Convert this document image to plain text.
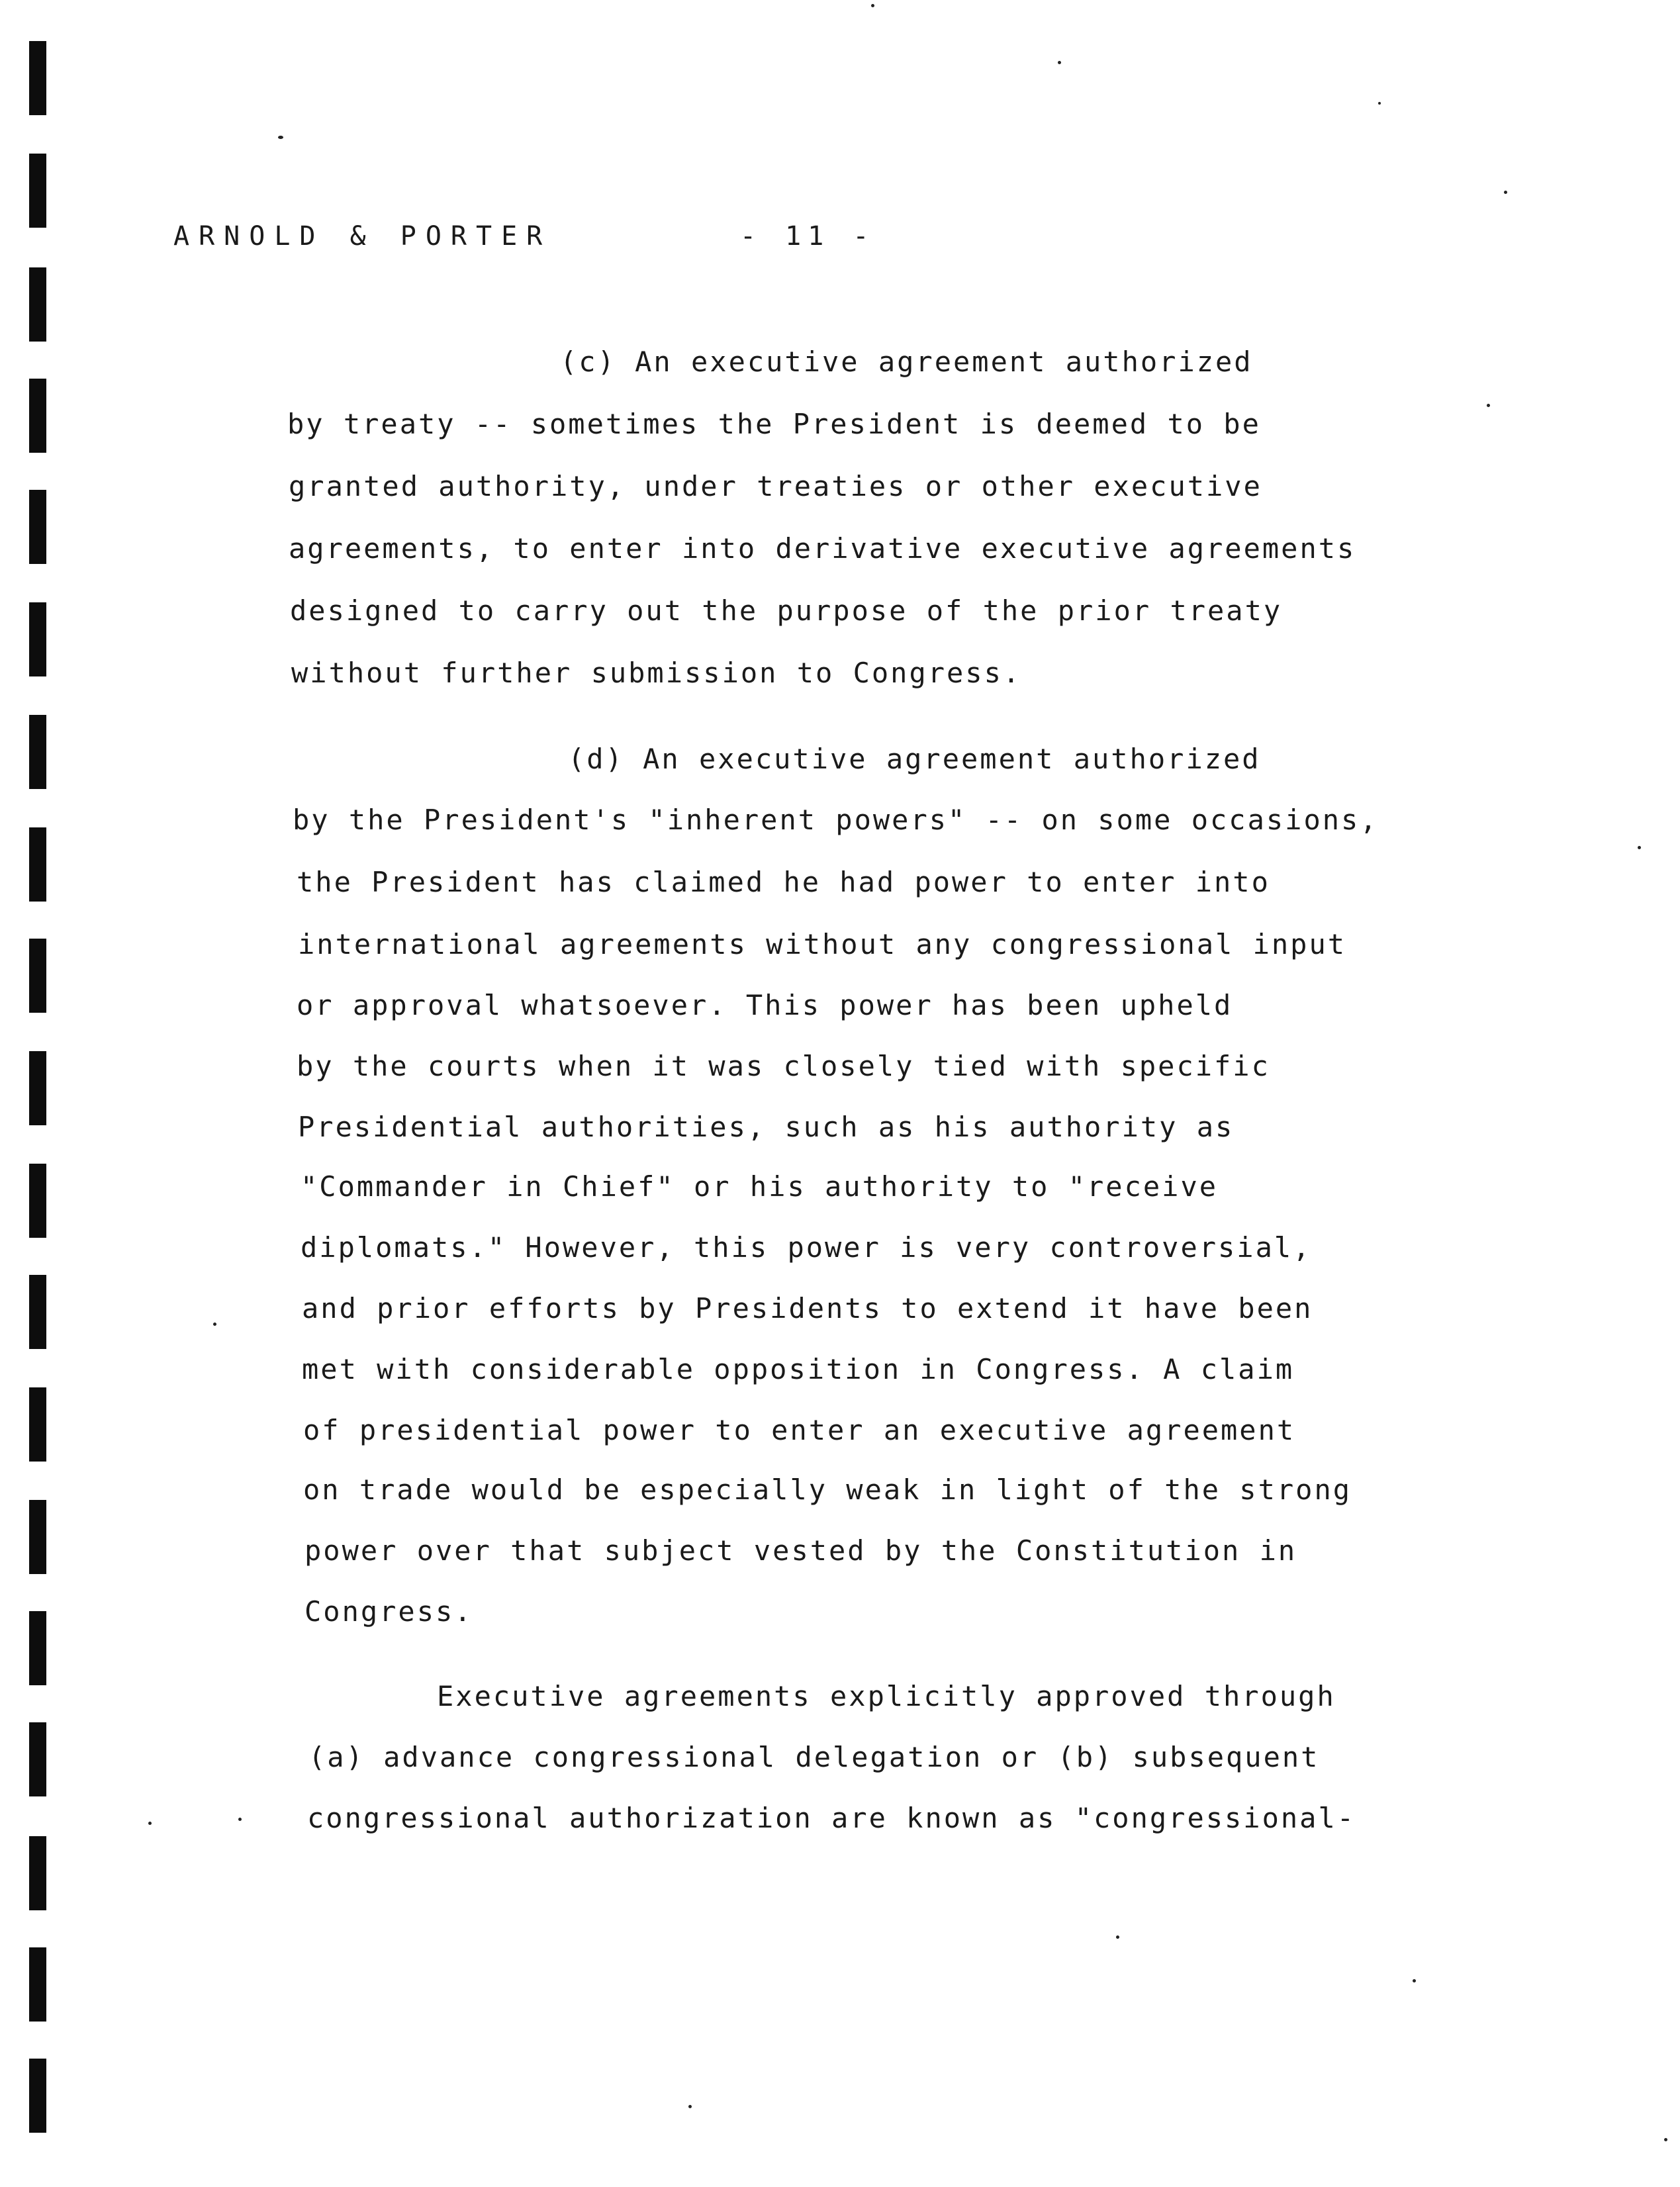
ARNOLD & PORTER	- 11 -
(c) An executive agreement authorized
by treaty -- sometimes the President is deemed to be
granted authority, under treaties or other executive
agreements, to enter into derivative executive agreements
designed to carry out the purpose of the prior treaty
without further submission to Congress.
(d) An executive agreement authorized
by the President's "inherent powers" -- on some occasions,
the President has claimed he had power to enter into
international agreements without any congressional input
or approval whatsoever. This power has been upheld
by the courts when it was closely tied with specific
Presidential authorities, such as his authority as
"Commander in Chief" or his authority to "receive
diplomats." However, this power is very controversial,
and prior efforts by Presidents to extend it have been
met with considerable opposition in Congress. A claim
of presidential power to enter an executive agreement
on trade would be especially weak in light of the strong
power over that subject vested by the Constitution in
Congress.
Executive agreements explicitly approved through
(a) advance congressional delegation or (b) subsequent
congressional authorization are known as "congressional-
